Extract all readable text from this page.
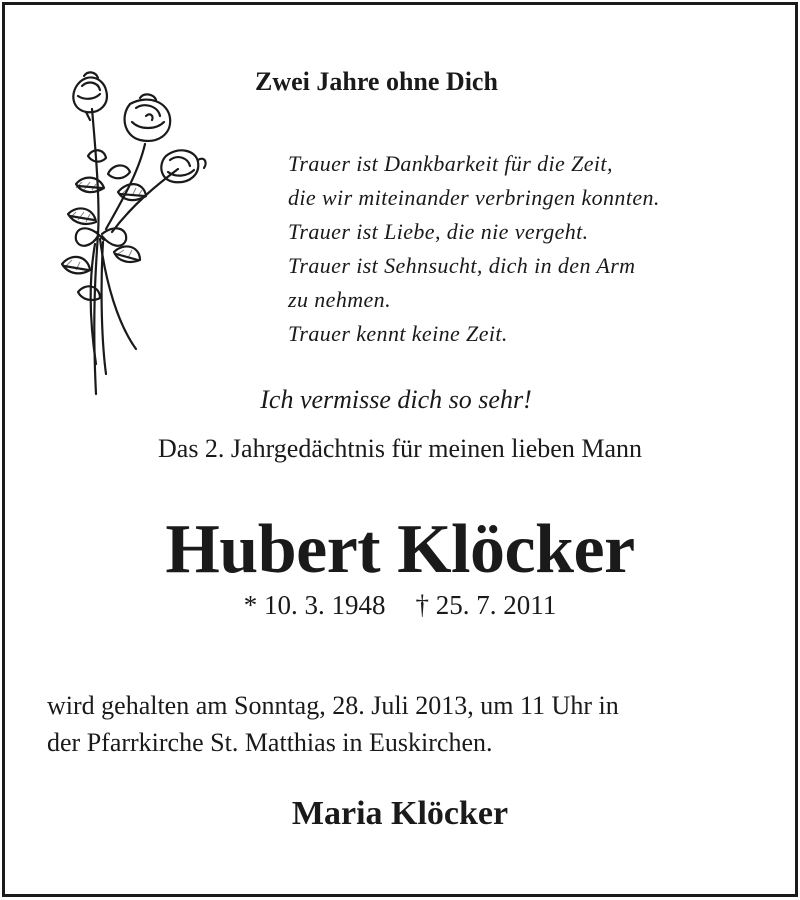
Zwei Jahre ohne Dich
Trauer ist Dankbarkeit für die Zeit,
die wir miteinander verbringen konnten.
Trauer ist Liebe, die nie vergeht.
Trauer ist Sehnsucht, dich in den Arm
zu nehmen.
Trauer kennt keine Zeit.
Ich vermisse dich so sehr!
Das 2. Jahrgedächtnis für meinen lieben Mann
Hubert Klöcker
* 10. 3. 1948 † 25. 7. 2011
wird gehalten am Sonntag, 28. Juli 2013, um 11 Uhr in
der Pfarrkirche St. Matthias in Euskirchen.
Maria Klöcker
